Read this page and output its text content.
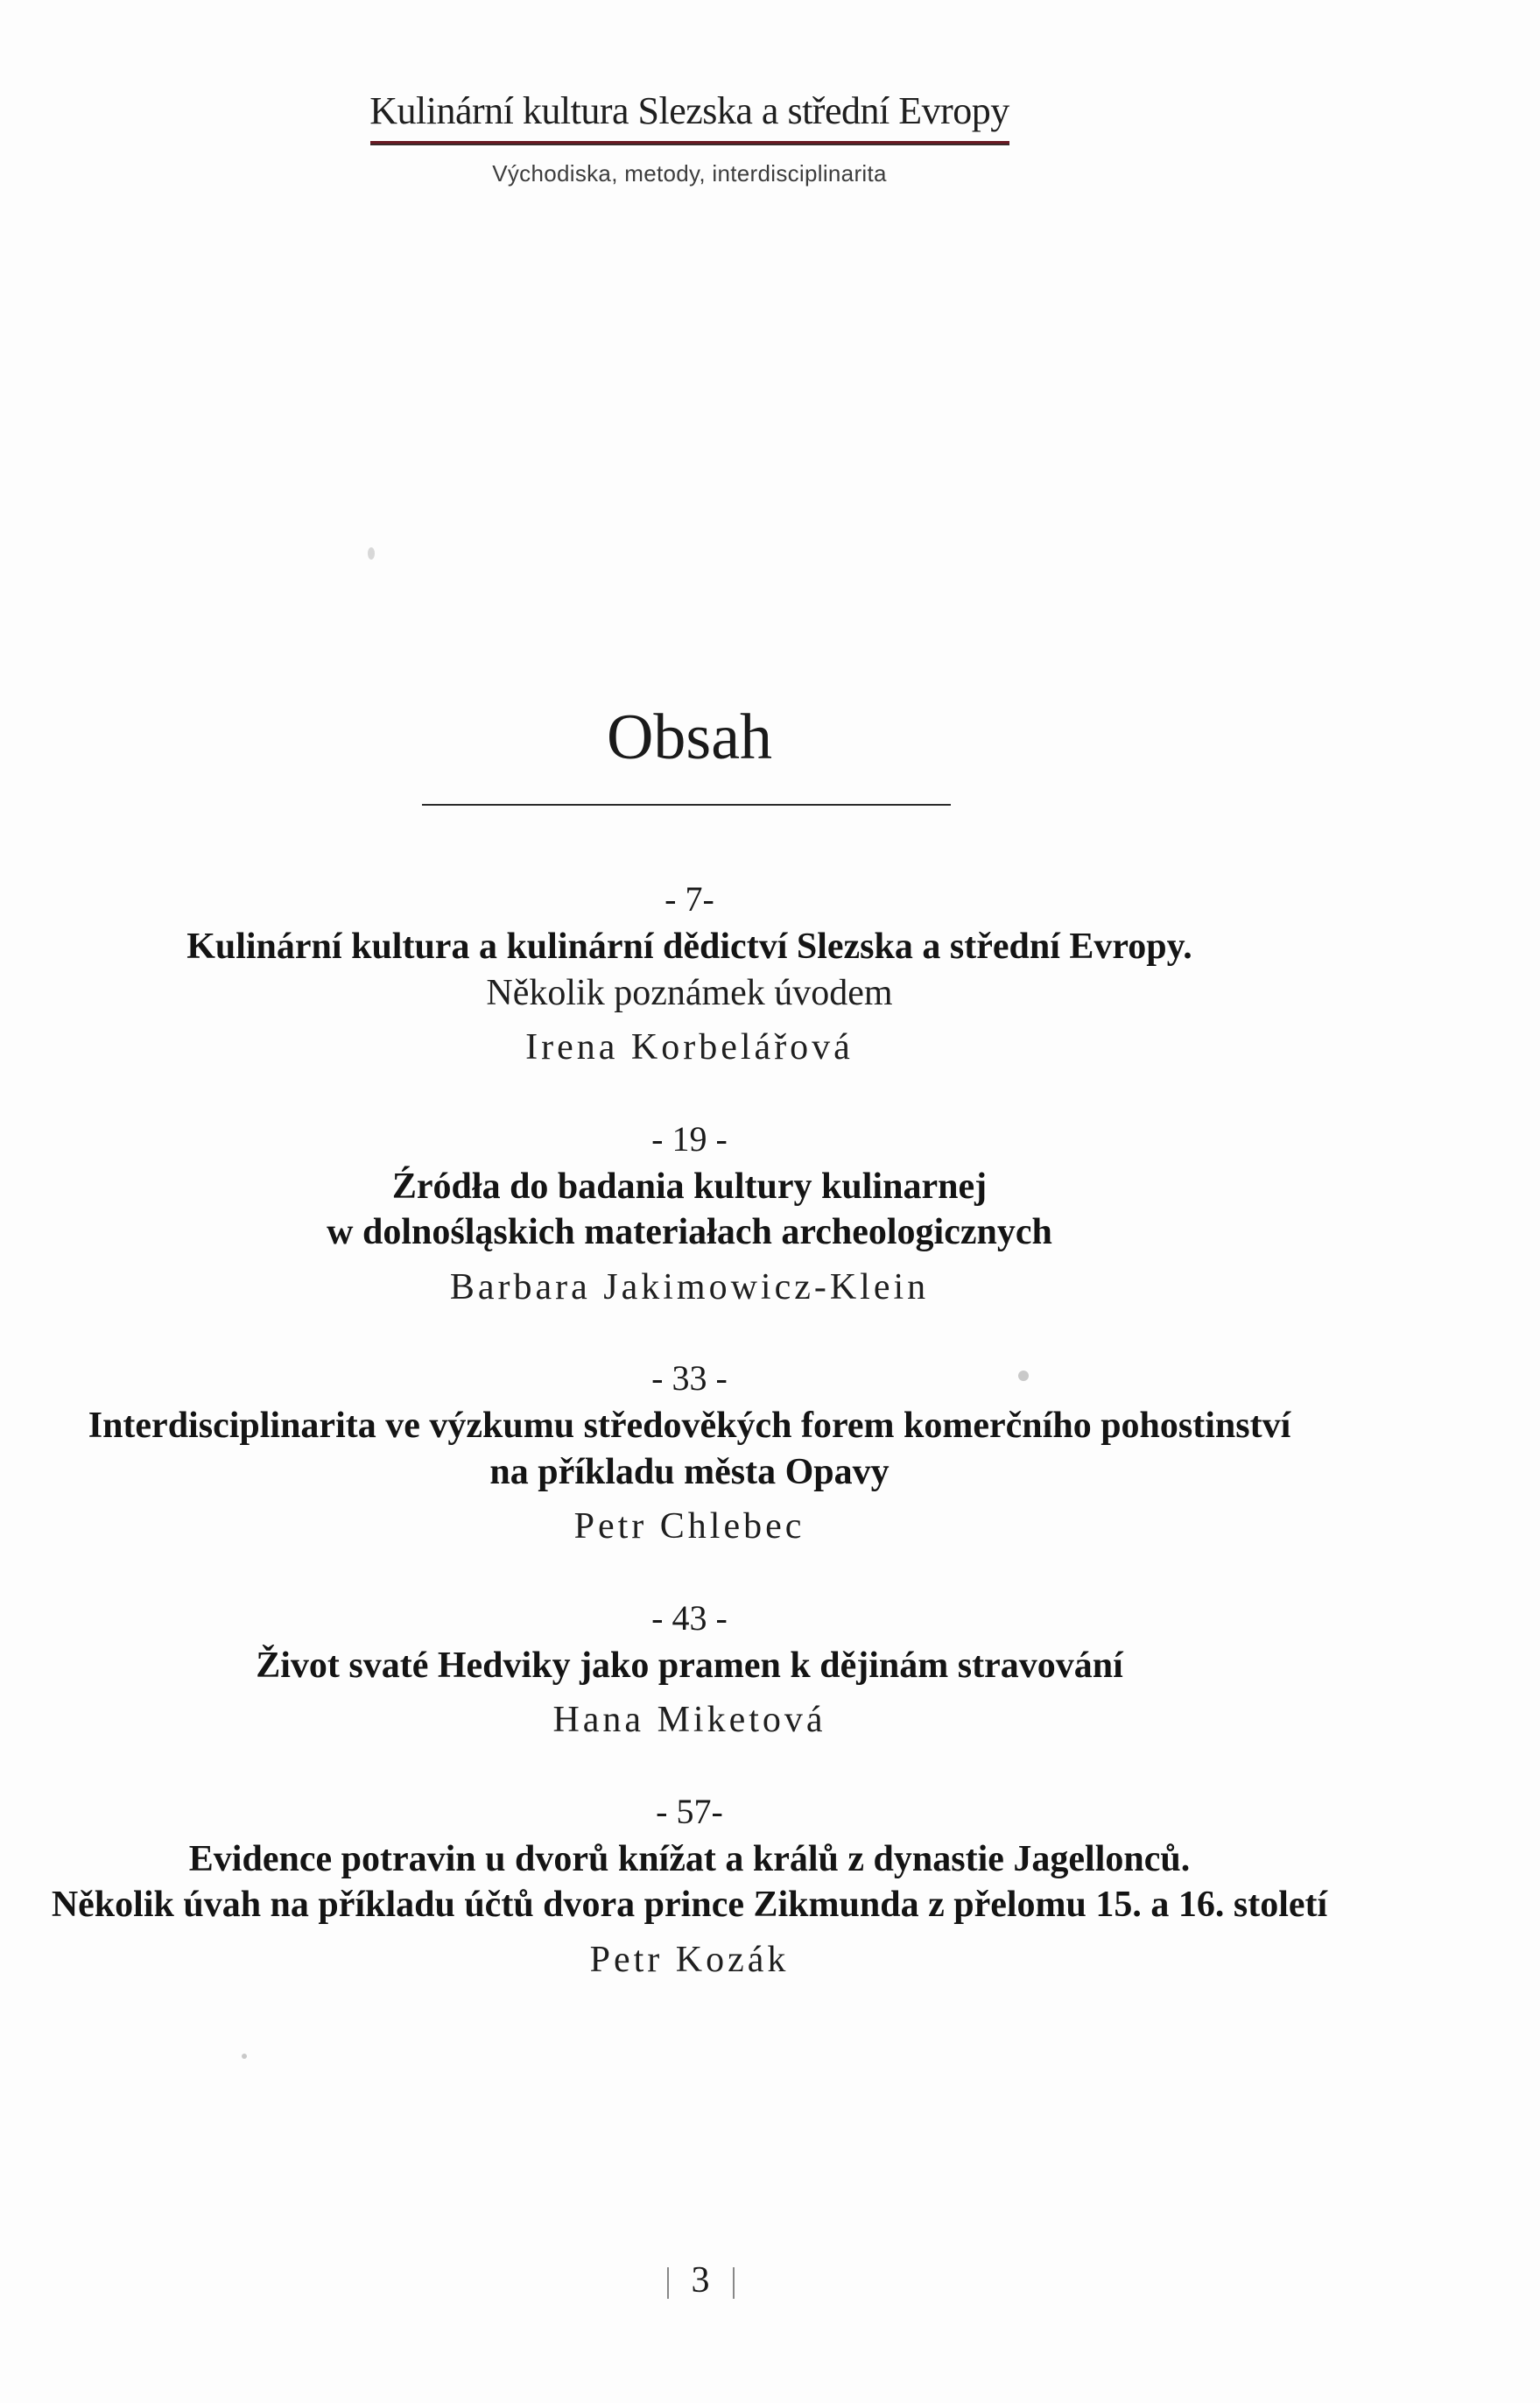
Kulinární kultura Slezska a střední Evropy
Východiska, metody, interdisciplinarita
Obsah
- 7-
Kulinární kultura a kulinární dědictví Slezska a střední Evropy.
Několik poznámek úvodem
Irena Korbelářová
- 19 -
Źródła do badania kultury kulinarnej
w dolnośląskich materiałach archeologicznych
Barbara Jakimowicz-Klein
- 33 -
Interdisciplinarita ve výzkumu středověkých forem komerčního pohostinství
na příkladu města Opavy
Petr Chlebec
- 43 -
Život svaté Hedviky jako pramen k dějinám stravování
Hana Miketová
- 57-
Evidence potravin u dvorů knížat a králů z dynastie Jagellonců.
Několik úvah na příkladu účtů dvora prince Zikmunda z přelomu 15. a 16. století
Petr Kozák
3
